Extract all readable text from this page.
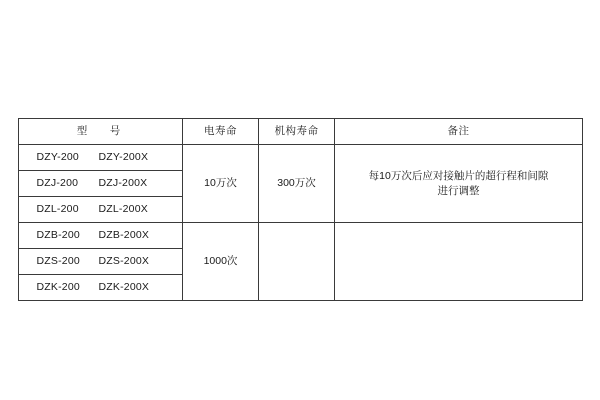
型　号	电寿命	机构寿命	备注
DZY-200 DZY-200X	10万次	300万次	每10万次后应对接触片的超行程和间隙
进行调整

DZJ-200 DZJ-200X			
DZL-200 DZL-200X			
DZB-200 DZB-200X	1000次		
DZS-200 DZS-200X			
DZK-200 DZK-200X			
